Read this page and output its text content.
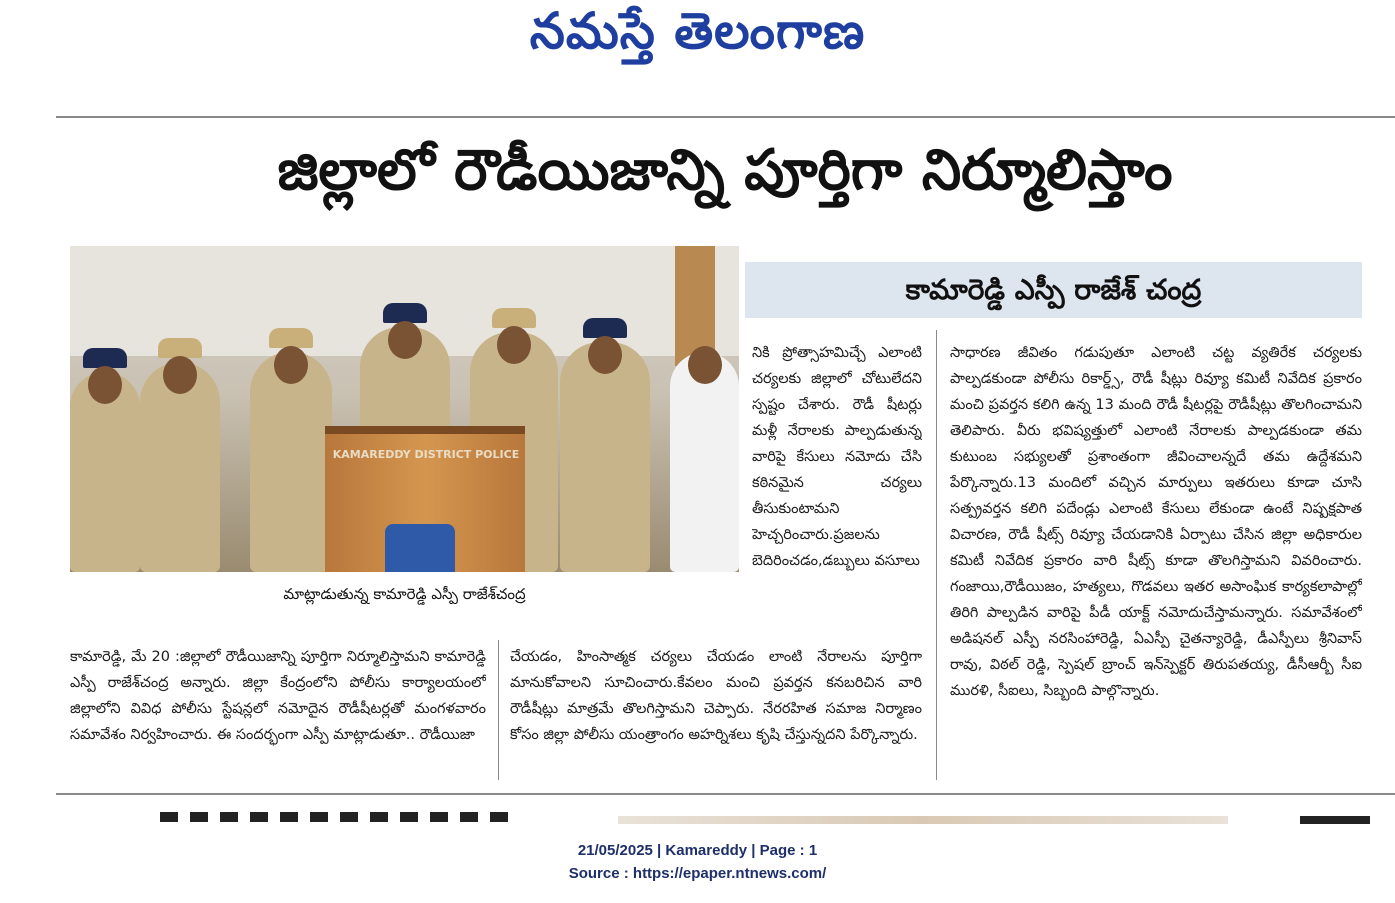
నమస్తే తెలంగాణ
జిల్లాలో రౌడీయిజాన్ని పూర్తిగా నిర్మూలిస్తాం
KAMAREDDY DISTRICT POLICE
మాట్లాడుతున్న కామారెడ్డి ఎస్పీ రాజేశ్‌చంద్ర
కామారెడ్డి ఎస్పీ రాజేశ్ చంద్ర
నికి ప్రోత్సాహమిచ్చే ఎలాంటి చర్యలకు జిల్లాలో చోటులేదని స్పష్టం చేశారు. రౌడీ షీటర్లు మళ్లీ నేరాలకు పాల్పడుతున్న వారిపై కేసులు నమోదు చేసి కఠినమైన చర్యలు తీసుకుంటామని హెచ్చరించారు.ప్రజలను బెదిరించడం,డబ్బులు వసూలు
సాధారణ జీవితం గడుపుతూ ఎలాంటి చట్ట వ్యతిరేక చర్యలకు పాల్పడకుండా పోలీసు రికార్డ్స్, రౌడీ షీట్లు రివ్యూ కమిటీ నివేదిక ప్రకారం మంచి ప్రవర్తన కలిగి ఉన్న 13 మంది రౌడీ షీటర్లపై రౌడీషీట్లు తొలగించామని తెలిపారు. వీరు భవిష్యత్తులో ఎలాంటి నేరాలకు పాల్పడకుండా తమ కుటుంబ సభ్యులతో ప్రశాంతంగా జీవించాలన్నదే తమ ఉద్దేశమని పేర్కొన్నారు.13 మందిలో వచ్చిన మార్పులు ఇతరులు కూడా చూసి సత్ప్రవర్తన కలిగి పదేండ్లు ఎలాంటి కేసులు లేకుండా ఉంటే నిష్పక్షపాత విచారణ, రౌడీ షీట్స్ రివ్యూ చేయడానికి ఏర్పాటు చేసిన జిల్లా అధికారుల కమిటీ నివేదిక ప్రకారం వారి షీట్స్ కూడా తొలగిస్తామని వివరించారు. గంజాయి,రౌడీయిజం, హత్యలు, గొడవలు ఇతర అసాంఘిక కార్యకలాపాల్లో తిరిగి పాల్పడిన వారిపై పీడీ యాక్ట్ నమోదుచేస్తామన్నారు. సమావేశంలో అడిషనల్ ఎస్పీ నరసింహారెడ్డి, ఏఎస్పీ చైతన్యారెడ్డి, డీఎస్పీలు శ్రీనివాస్ రావు, విఠల్ రెడ్డి, స్పెషల్ బ్రాంచ్ ఇన్‌స్పెక్టర్ తిరుపతయ్య, డీసీఆర్బీ సీఐ మురళి, సీఐలు, సిబ్బంది పాల్గొన్నారు.
కామారెడ్డి, మే 20 :జిల్లాలో రౌడీయిజాన్ని పూర్తిగా నిర్మూలిస్తామని కామారెడ్డి ఎస్పీ రాజేశ్‌చంద్ర అన్నారు. జిల్లా కేంద్రంలోని పోలీసు కార్యాలయంలో జిల్లాలోని వివిధ పోలీసు స్టేషన్లలో నమోదైన రౌడీషీటర్లతో మంగళవారం సమావేశం నిర్వహించారు. ఈ సందర్భంగా ఎస్పీ మాట్లాడుతూ.. రౌడీయిజా
చేయడం, హింసాత్మక చర్యలు చేయడం లాంటి నేరాలను పూర్తిగా మానుకోవాలని సూచించారు.కేవలం మంచి ప్రవర్తన కనబరిచిన వారి రౌడీషీట్లు మాత్రమే తొలగిస్తామని చెప్పారు. నేరరహిత సమాజ నిర్మాణం కోసం జిల్లా పోలీసు యంత్రాంగం అహర్నిశలు కృషి చేస్తున్నదని పేర్కొన్నారు.
21/05/2025 | Kamareddy | Page : 1
Source : https://epaper.ntnews.com/
